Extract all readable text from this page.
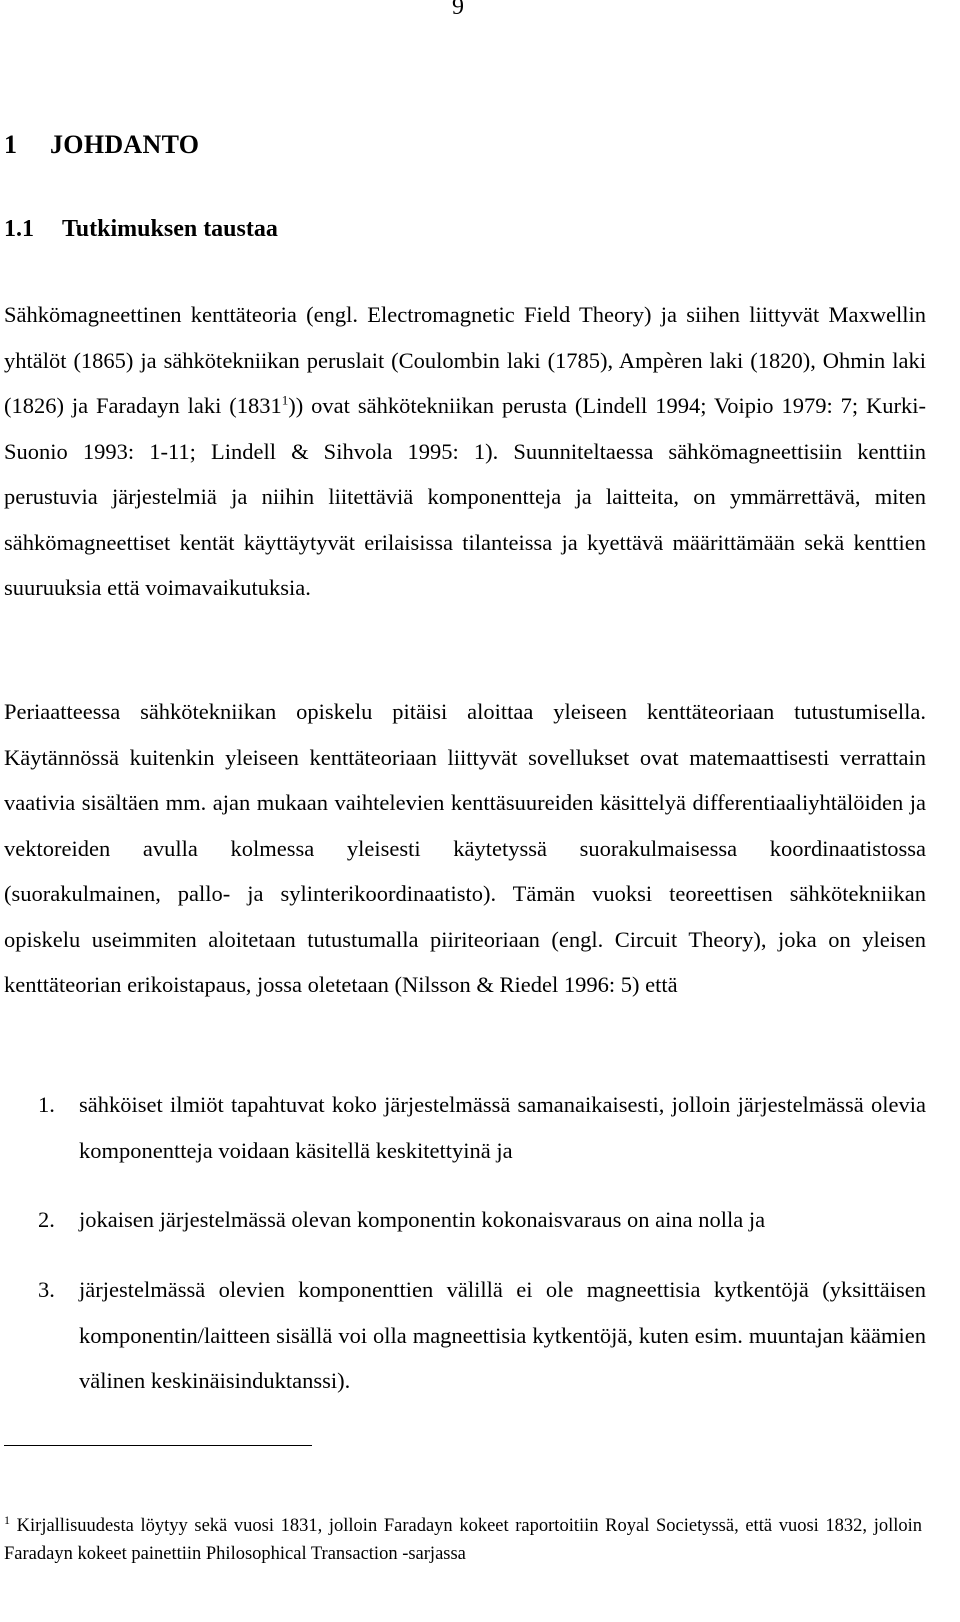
9
1 JOHDANTO
1.1 Tutkimuksen taustaa

Sähkömagneettinen kenttäteoria (engl. Electromagnetic Field Theory) ja siihen liittyvät Maxwellin yhtälöt (1865) ja sähkötekniikan peruslait (Coulombin laki (1785), Ampèren laki (1820), Ohmin laki (1826) ja Faradayn laki (1831$^1$)) ovat sähkötekniikan perusta (Lindell 1994; Voipio 1979: 7; Kurki-Suonio 1993: 1-11; Lindell & Sihvola 1995: 1). Suunniteltaessa sähkömagneettisiin kenttiin perustuvia järjestelmiä ja niihin liitettäviä komponentteja ja laitteita, on ymmärrettävä, miten sähkömagneettiset kentät käyttäytyvät erilaisissa tilanteissa ja kyettävä määrittämään sekä kenttien suuruuksia että voimavaikutuksia.

Periaatteessa sähkötekniikan opiskelu pitäisi aloittaa yleiseen kenttäteoriaan tutustumisella. Käytännössä kuitenkin yleiseen kenttäteoriaan liittyvät sovellukset ovat matemaattisesti verrattain vaativia sisältäen mm. ajan mukaan vaihtelevien kenttäsuureiden käsittelyä differentiaaliyhtälöiden ja vektoreiden avulla kolmessa yleisesti käytetyssä suorakulmaisessa koordinaatistossa (suorakulmainen, pallo- ja sylinterikoordinaatisto). Tämän vuoksi teoreettisen sähkötekniikan opiskelu useimmiten aloitetaan tutustumalla piiriteoriaan (engl. Circuit Theory), joka on yleisen kenttäteorian erikoistapaus, jossa oletetaan (Nilsson & Riedel 1996: 5) että

1. sähköiset ilmiöt tapahtuvat koko järjestelmässä samanaikaisesti, jolloin järjestelmässä olevia komponentteja voidaan käsitellä keskitettyinä ja
2. jokaisen järjestelmässä olevan komponentin kokonaisvaraus on aina nolla ja
3. järjestelmässä olevien komponenttien välillä ei ole magneettisia kytkentöjä (yksittäisen komponentin/laitteen sisällä voi olla magneettisia kytkentöjä, kuten esim. muuntajan käämien välinen keskinäisinduktanssi).

$^1$ Kirjallisuudesta löytyy sekä vuosi 1831, jolloin Faradayn kokeet raportoitiin Royal Societyssä, että vuosi 1832, jolloin Faradayn kokeet painettiin Philosophical Transaction -sarjassa
